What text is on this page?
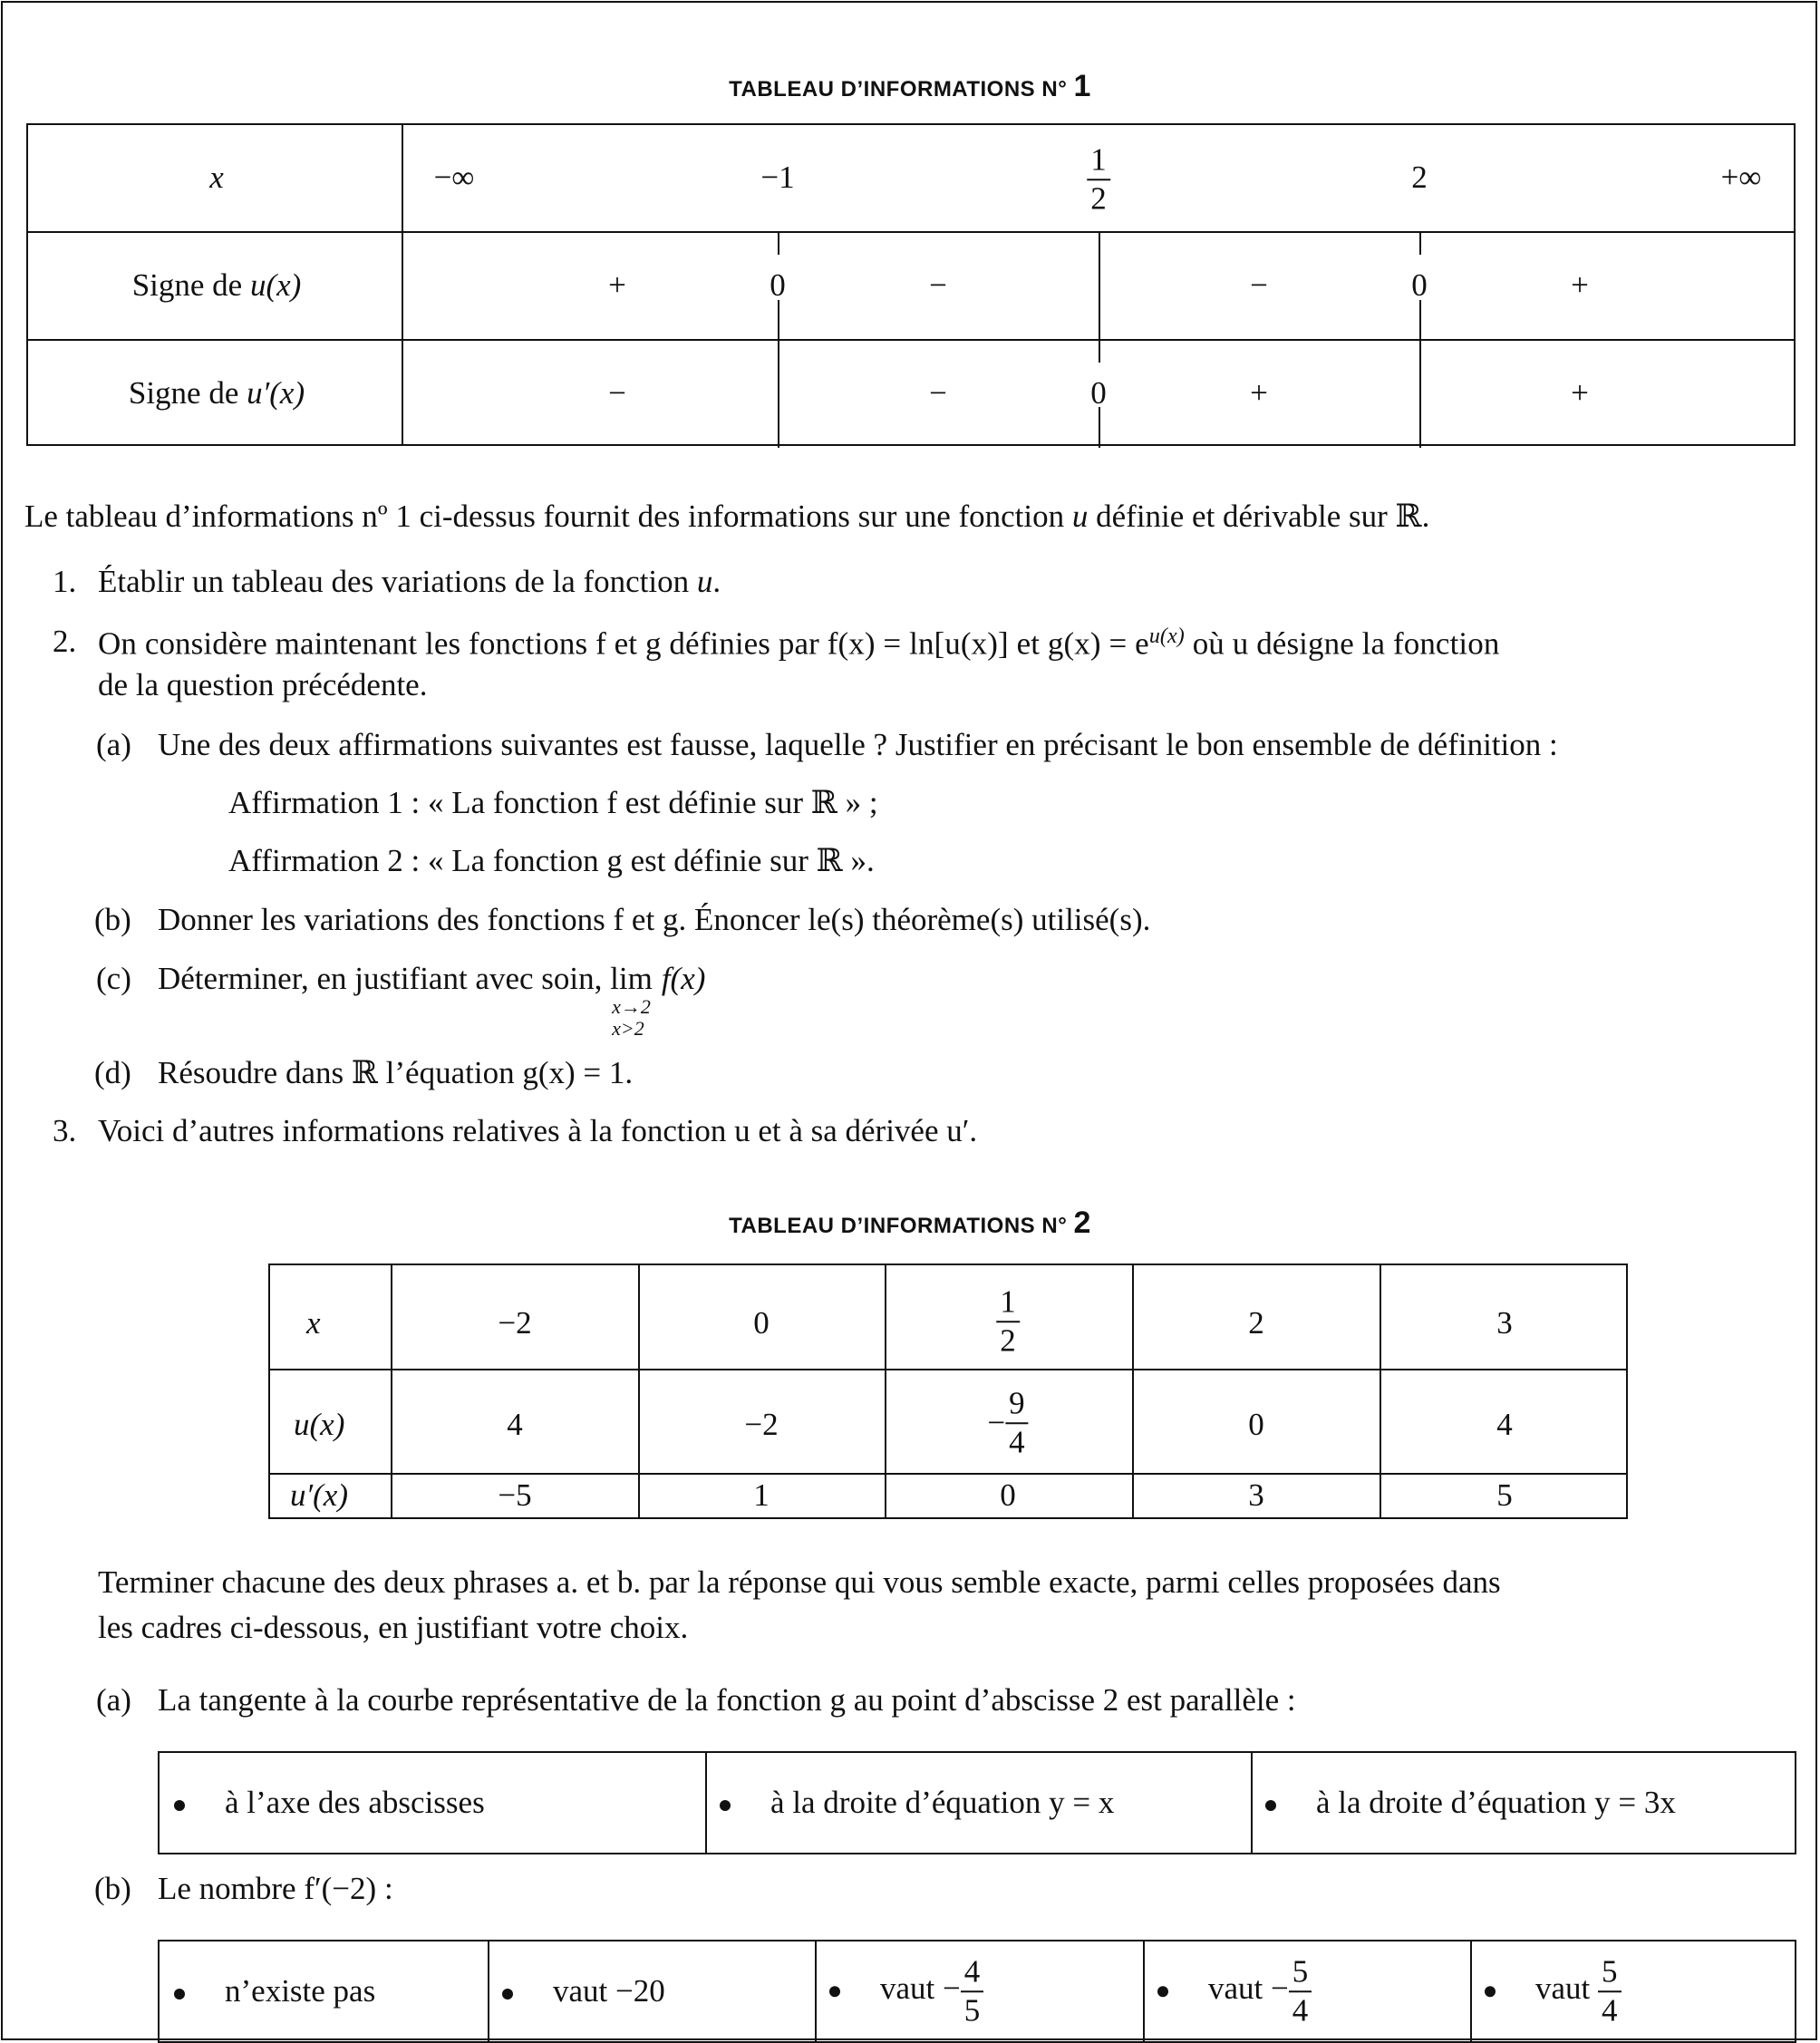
TABLEAU D’INFORMATIONS N° 1
x	−∞	−1	$\frac{1}{2}$	2	+∞
Signe de u(x)	+	0	−	−	0	+
Signe de u′(x)	−	−	0	+	+
Le tableau d’informations nº 1 ci-dessus fournit des informations sur une fonction u définie et dérivable sur ℝ.
1. Établir un tableau des variations de la fonction u.
2. On considère maintenant les fonctions f et g définies par f(x) = ln[u(x)] et $g(x) = e^{u(x)}$ où u désigne la fonction
de la question précédente.
(a) Une des deux affirmations suivantes est fausse, laquelle ? Justifier en précisant le bon ensemble de définition :
Affirmation 1 : « La fonction f est définie sur ℝ » ;
Affirmation 2 : « La fonction g est définie sur ℝ ».
(b) Donner les variations des fonctions f et g. Énoncer le(s) théorème(s) utilisé(s).
(c) Déterminer, en justifiant avec soin, lim
x→2
x>2
f(x)
(d) Résoudre dans ℝ l’équation g(x) = 1.
3. Voici d’autres informations relatives à la fonction u et à sa dérivée u′.
TABLEAU D’INFORMATIONS N° 2
x	−2	0	$\frac{1}{2}$	2	3
u(x)	4	−2	− $\frac{9}{4}$	0	4
u′(x)	−5	1	0	3	5
Terminer chacune des deux phrases a. et b. par la réponse qui vous semble exacte, parmi celles proposées dans
les cadres ci-dessous, en justifiant votre choix.
(a) La tangente à la courbe représentative de la fonction g au point d’abscisse 2 est parallèle :
à l’axe des abscisses	à la droite d’équation y = x	à la droite d’équation y = 3x
(b) Le nombre f′(−2) :
n’existe pas	vaut −20	vaut − $\frac{4}{5}$	vaut − $\frac{5}{4}$	vaut $\frac{5}{4}$
